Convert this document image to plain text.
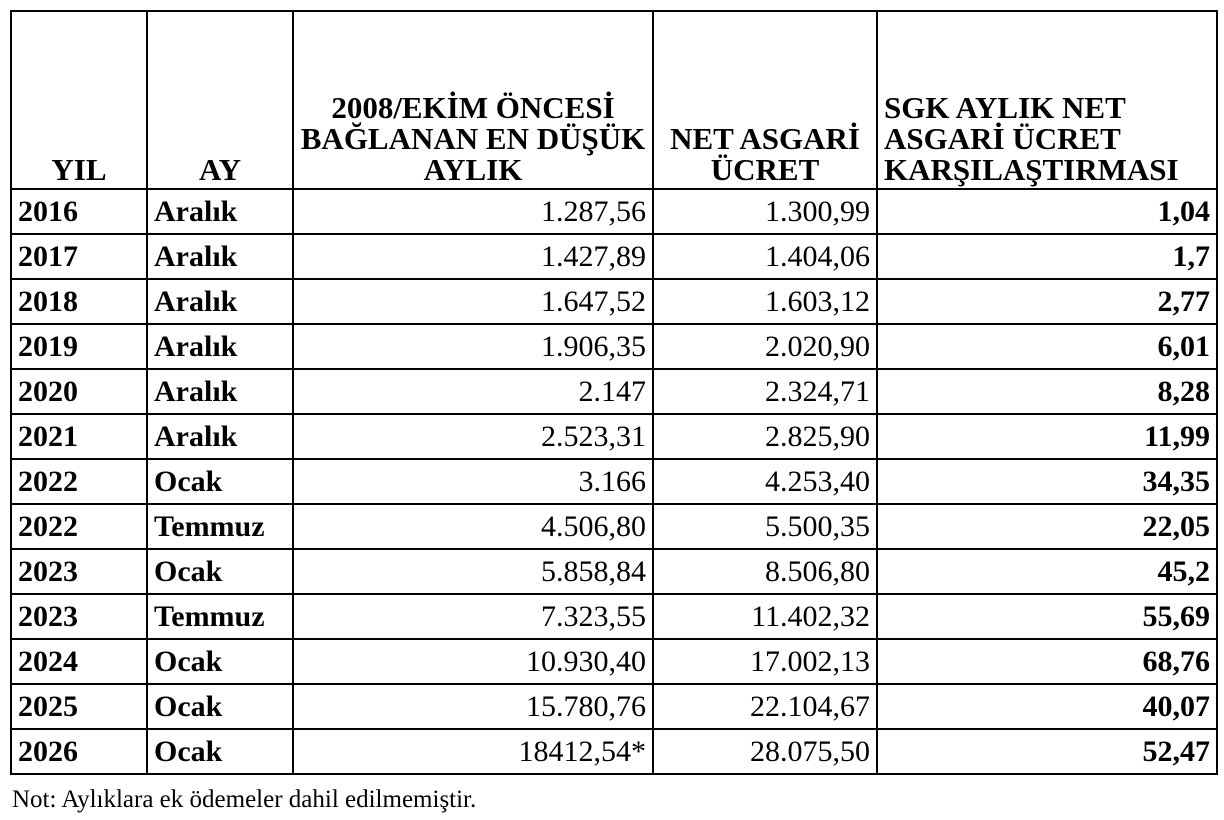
YIL	AY	2008/EKİM ÖNCESİ BAĞLANAN EN DÜŞÜK AYLIK	NET ASGARİ ÜCRET	SGK AYLIK NET ASGARİ ÜCRET KARŞILAŞTIRMASI
2016	Aralık	1.287,56	1.300,99	1,04
2017	Aralık	1.427,89	1.404,06	1,7
2018	Aralık	1.647,52	1.603,12	2,77
2019	Aralık	1.906,35	2.020,90	6,01
2020	Aralık	2.147	2.324,71	8,28
2021	Aralık	2.523,31	2.825,90	11,99
2022	Ocak	3.166	4.253,40	34,35
2022	Temmuz	4.506,80	5.500,35	22,05
2023	Ocak	5.858,84	8.506,80	45,2
2023	Temmuz	7.323,55	11.402,32	55,69
2024	Ocak	10.930,40	17.002,13	68,76
2025	Ocak	15.780,76	22.104,67	40,07
2026	Ocak	18412,54*	28.075,50	52,47
Not: Aylıklara ek ödemeler dahil edilmemiştir.
